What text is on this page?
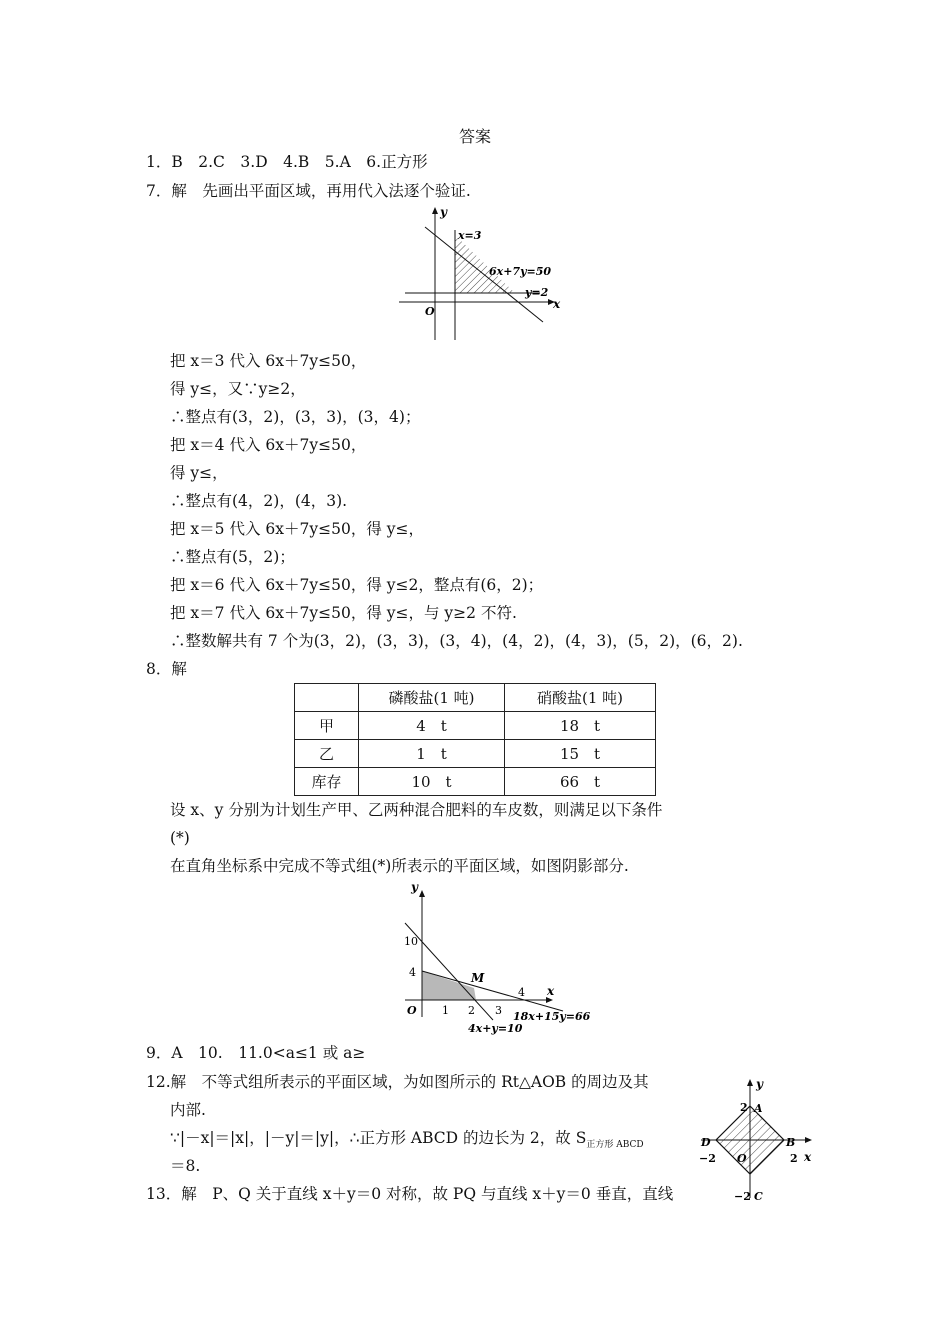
答案
1．B　2.C　3.D　4.B　5.A　6.正方形
7．解　先画出平面区域，再用代入法逐个验证.
y
x
O
x=3
6x+7y=50
y=2
把 x＝3 代入 6x＋7y≤50，
得 y≤，又∵y≥2，
∴整点有(3，2)，(3，3)，(3，4)；
把 x＝4 代入 6x＋7y≤50，
得 y≤，
∴整点有(4，2)，(4，3).
把 x＝5 代入 6x＋7y≤50，得 y≤，
∴整点有(5，2)；
把 x＝6 代入 6x＋7y≤50，得 y≤2，整点有(6，2)；
把 x＝7 代入 6x＋7y≤50，得 y≤，与 y≥2 不符.
∴整数解共有 7 个为(3，2)，(3，3)，(3，4)，(4，2)，(4，3)，(5，2)，(6，2).
8．解
	磷酸盐(1 吨)	硝酸盐(1 吨)
甲	4　t	18　t
乙	1　t	15　t
库存	10　t	66　t
设 x、y 分别为计划生产甲、乙两种混合肥料的车皮数，则满足以下条件
(*)
在直角坐标系中完成不等式组(*)所表示的平面区域，如图阴影部分.
y
x
O
10
4
1 2 3
4
M
18x+15y=66
4x+y=10
9．A　10.　11.0<a≤1 或 a≥
12.解　不等式组所表示的平面区域，为如图所示的 Rt△AOB 的周边及其
内部.
∵|－x|＝|x|，|－y|＝|y|，∴正方形 ABCD 的边长为 2，故 $S_{正方形 ABCD}$
＝8.
13．解　P、Q 关于直线 x＋y＝0 对称，故 PQ 与直线 x＋y＝0 垂直，直线
y
x
O
A
B
C
D
2
2
−2
−2
